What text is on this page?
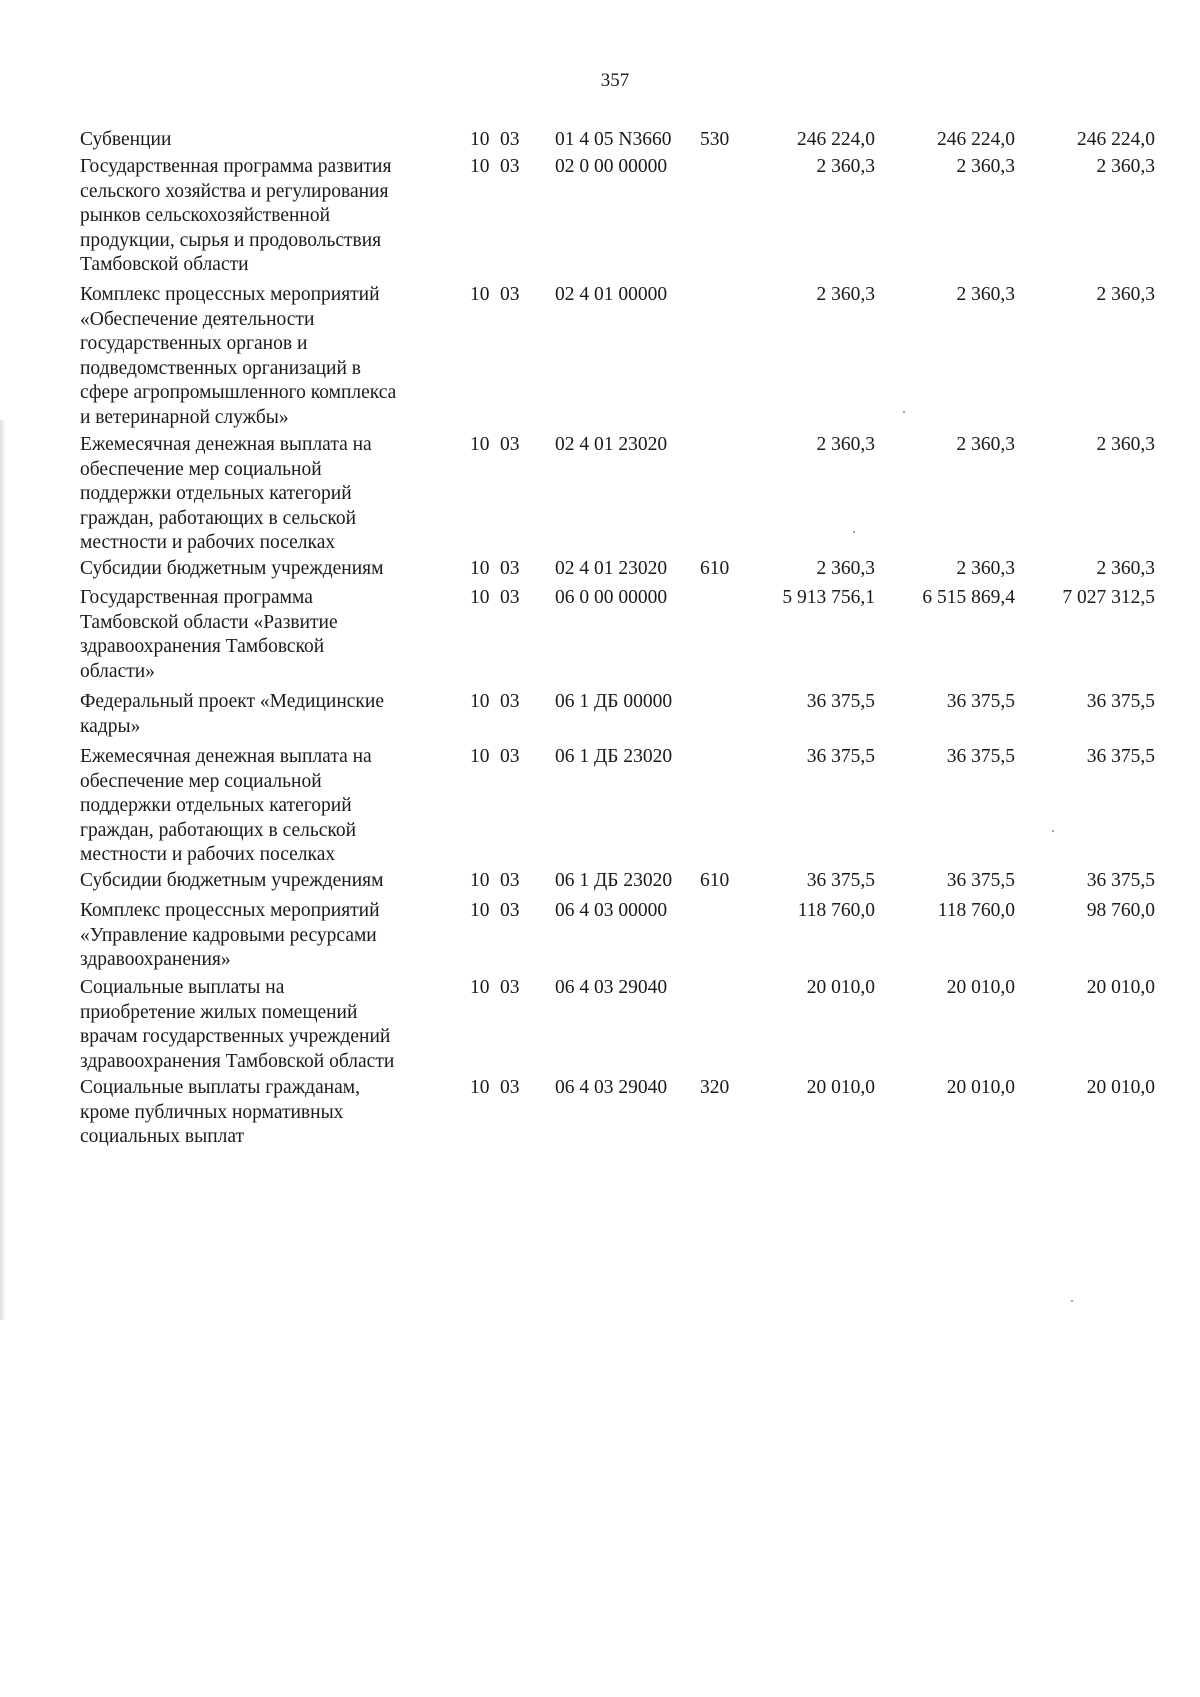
357
Субвенции	10 03	01 4 05 N3660	530	246 224,0	246 224,0	246 224,0
Государственная программа развития
сельского хозяйства и регулирования
рынков сельскохозяйственной
продукции, сырья и продовольствия
Тамбовской области
10 03	02 0 00 00000	2 360,3	2 360,3	2 360,3
Комплекс процессных мероприятий
«Обеспечение деятельности
государственных органов и
подведомственных организаций в
сфере агропромышленного комплекса
и ветеринарной службы»
10 03	02 4 01 00000	2 360,3	2 360,3	2 360,3
Ежемесячная денежная выплата на
обеспечение мер социальной
поддержки отдельных категорий
граждан, работающих в сельской
местности и рабочих поселках
10 03	02 4 01 23020	2 360,3	2 360,3	2 360,3
Субсидии бюджетным учреждениям	10 03	02 4 01 23020	610	2 360,3	2 360,3	2 360,3
Государственная программа
Тамбовской области «Развитие
здравоохранения Тамбовской
области»
10 03	06 0 00 00000	5 913 756,1	6 515 869,4	7 027 312,5
Федеральный проект «Медицинские
кадры»
10 03	06 1 ДБ 00000	36 375,5	36 375,5	36 375,5
Ежемесячная денежная выплата на
обеспечение мер социальной
поддержки отдельных категорий
граждан, работающих в сельской
местности и рабочих поселках
10 03	06 1 ДБ 23020	36 375,5	36 375,5	36 375,5
Субсидии бюджетным учреждениям	10 03	06 1 ДБ 23020	610	36 375,5	36 375,5	36 375,5
Комплекс процессных мероприятий
«Управление кадровыми ресурсами
здравоохранения»
10 03	06 4 03 00000	118 760,0	118 760,0	98 760,0
Социальные выплаты на
приобретение жилых помещений
врачам государственных учреждений
здравоохранения Тамбовской области
10 03	06 4 03 29040	20 010,0	20 010,0	20 010,0
Социальные выплаты гражданам,
кроме публичных нормативных
социальных выплат
10 03	06 4 03 29040	320	20 010,0	20 010,0	20 010,0
